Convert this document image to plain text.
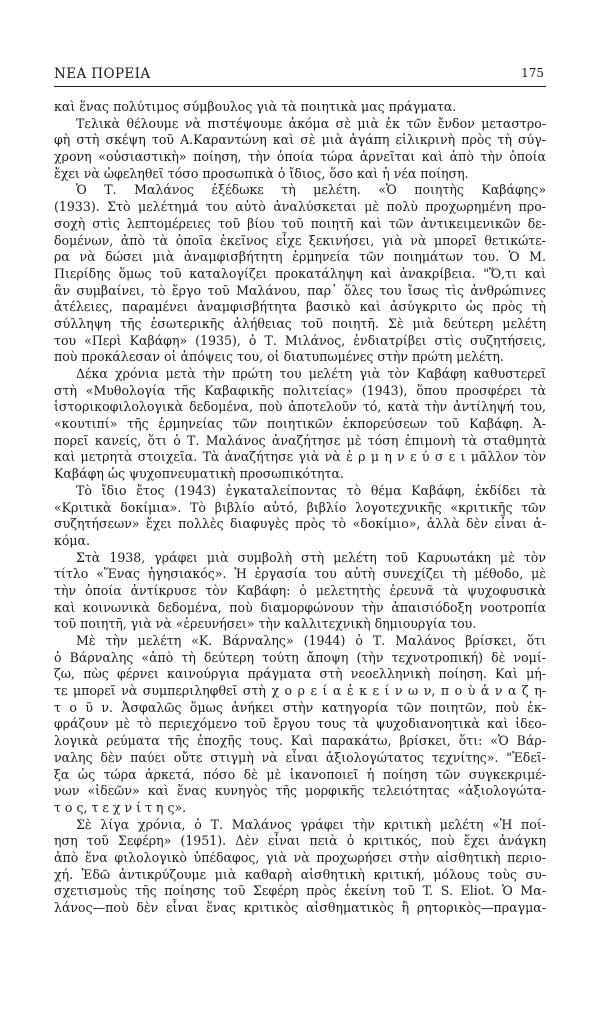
ΝΕΑ ΠΟΡΕΙΑ	175
καὶ ἕνας πολύτιμος σύμβουλος γιὰ τὰ ποιητικὰ μας πράγματα.
Τελικὰ θέλουμε νὰ πιστέψουμε ἀκόμα σὲ μιὰ ἐκ τῶν ἔνδον μεταστρο-
φὴ στὴ σκέψη τοῦ Α.Καραντώνη καὶ σὲ μιὰ ἀγάπη εἰλικρινὴ πρὸς τὴ σύγ-
χρονη «οὐσιαστικὴ» ποίηση, τὴν ὁποία τώρα ἀρνεῖται καὶ ἀπὸ τὴν ὁποία
ἔχει νὰ ὠφεληθεῖ τόσο προσωπικὰ ὁ ἴδιος, ὅσο καὶ ἡ νέα ποίηση.
Ὁ Τ. Μαλάνος ἐξέδωκε τὴ μελέτη. «Ὁ ποιητὴς Καβάφης»
(1933). Στὸ μελέτημά του αὐτὸ ἀναλύσκεται μὲ πολὺ προχωρημένη προ-
σοχὴ στὶς λεπτομέρειες τοῦ βίου τοῦ ποιητῆ καὶ τῶν ἀντικειμενικῶν δε-
δομένων, ἀπὸ τὰ ὁποῖα ἐκεῖνος εἶχε ξεκινήσει, γιὰ νὰ μπορεῖ θετικώτε-
ρα νὰ δώσει μιὰ ἀναμφισβήτητη ἑρμηνεία τῶν ποιημάτων του. Ὁ Μ.
Πιερίδης ὅμως τοῦ καταλογίζει προκατάληψη καὶ ἀνακρίβεια. "Ὅ,τι καὶ
ἂν συμβαίνει, τὸ ἔργο τοῦ Μαλάνου, παρ᾽ ὅλες του ἴσως τὶς ἀνθρώπινες
ἀτέλειες, παραμένει ἀναμφισβήτητα βασικὸ καὶ ἀσύγκριτο ὡς πρὸς τὴ
σύλληψη τῆς ἐσωτερικῆς ἀλήθειας τοῦ ποιητῆ. Σὲ μιὰ δεύτερη μελέτη
του «Περὶ Καβάφη» (1935), ὁ Τ. Μιλάνος, ἐνδιατρίβει στὶς συζητήσεις,
ποὺ προκάλεσαν οἱ ἀπόψεις του, οἱ διατυπωμένες στὴν πρώτη μελέτη.
Δέκα χρόνια μετὰ τὴν πρώτη του μελέτη γιὰ τὸν Καβάφη καθυστερεῖ
στὴ «Μυθολογία τῆς Καβαφικῆς πολιτείας» (1943), ὅπου προσφέρει τὰ
ἱστορικοφιλολογικὰ δεδομένα, ποὺ ἀποτελοῦν τό, κατὰ τὴν ἀντίληψή του,
«κουτιπί» τῆς ἑρμηνείας τῶν ποιητικῶν ἐκπορεύσεων τοῦ Καβάφη. Ἀ-
πορεῖ κανείς, ὅτι ὁ Τ. Μαλάνος ἀναζήτησε μὲ τόση ἐπιμονὴ τὰ σταθμητὰ
καὶ μετρητὰ στοιχεῖα. Τὰ ἀναζήτησε γιὰ νὰ ἑ ρ μ η ν ε ύ σ ε ι μᾶλλον τὸν
Καβάφη ὡς ψυχοπνευματικὴ προσωπικότητα.
Τὸ ἴδιο ἔτος (1943) ἐγκαταλείποντας τὸ θέμα Καβάφη, ἐκδίδει τὰ
«Κριτικὰ δοκίμια». Τὸ βιβλίο αὐτό, βιβλίο λογοτεχνικῆς «κριτικῆς τῶν
συζητήσεων» ἔχει πολλὲς διαφυγὲς πρὸς τὸ «δοκίμιο», ἀλλὰ δὲν εἶναι ἀ-
κόμα.
Στὰ 1938, γράφει μιὰ συμβολὴ στὴ μελέτη τοῦ Καρυωτάκη μὲ τὸν
τίτλο «Ἕνας ἠγησιακός». Ἡ ἐργασία του αὐτὴ συνεχίζει τὴ μέθοδο, μὲ
τὴν ὁποία ἀντίκρυσε τὸν Καβάφη: ὁ μελετητὴς ἐρευνᾶ τὰ ψυχοφυσικὰ
καὶ κοινωνικὰ δεδομένα, ποὺ διαμορφώνουν τὴν ἀπαισιόδοξη νοοτροπία
τοῦ ποιητῆ, γιὰ νὰ «ἐρευνήσει» τὴν καλλιτεχνικὴ δημιουργία του.
Μὲ τὴν μελέτη «Κ. Βάρναλης» (1944) ὁ Τ. Μαλάνος βρίσκει, ὅτι
ὁ Βάρναλης «ἀπὸ τὴ δεύτερη τούτη ἄποψη (τὴν τεχνοτροπική) δὲ νομί-
ζω, πὼς φέρνει καινούργια πράγματα στὴ νεοελληνικὴ ποίηση. Καὶ μή-
τε μπορεῖ νὰ συμπεριληφθεῖ στὴ χ ο ρ ε ί α ἐ κ ε ί ν ω ν, π ο ὺ ἀ ν α ζ η-
τ ο ῦ ν. Ἀσφαλῶς ὅμως ἀνήκει στὴν κατηγορία τῶν ποιητῶν, ποὺ ἐκ-
φράζουν μὲ τὸ περιεχόμενο τοῦ ἔργου τους τὰ ψυχοδιανοητικὰ καὶ ἰδεο-
λογικὰ ρεύματα τῆς ἐποχῆς τους. Καὶ παρακάτω, βρίσκει, ὅτι: «Ὁ Βάρ-
ναλης δὲν παύει οὔτε στιγμὴ νὰ εἶναι ἀξιολογώτατος τεχνίτης». "Ἐδεῖ-
ξα ὡς τώρα ἀρκετά, πόσο δὲ μὲ ἱκανοποιεῖ ἡ ποίηση τῶν συγκεκριμέ-
νων «ἰδεῶν» καὶ ἕνας κυνηγὸς τῆς μορφικῆς τελειότητας «ἀξιολογώτα-
τ ο ς, τ ε χ ν ί τ η ς».
Σὲ λίγα χρόνια, ὁ Τ. Μαλάνος γράφει τὴν κριτικὴ μελέτη «Ἡ ποί-
ηση τοῦ Σεφέρη» (1951). Δὲν εἶναι πειὰ ὁ κριτικός, ποὺ ἔχει ἀνάγκη
ἀπὸ ἕνα φιλολογικὸ ὑπέδαφος, γιὰ νὰ προχωρήσει στὴν αἰσθητικὴ περιο-
χή. Ἐδῶ ἀντικρύζουμε μιὰ καθαρὴ αἰσθητικὴ κριτική, μόλους τοὺς συ-
σχετισμοὺς τῆς ποίησης τοῦ Σεφέρη πρὸς ἐκείνη τοῦ T. S. Eliot. Ὁ Μα-
λάνος—ποὺ δὲν εἶναι ἕνας κριτικὸς αἰσθηματικὸς ἢ ρητορικὸς—πραγμα-
